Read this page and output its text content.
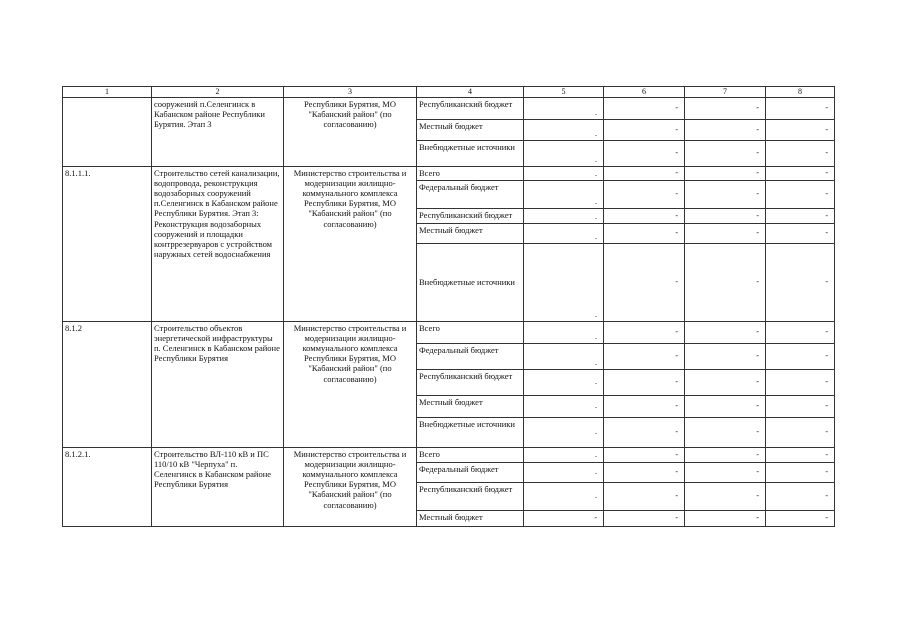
1	2	3	4	5	6	7	8
	сооружений п.Селенгинск в Кабанском районе Республики Бурятия. Этап 3	Республики Бурятия, МО "Кабанский район" (по согласованию)	Республиканский бюджет	.	-	-	-
			Местный бюджет	.	-	-	-
			Внебюджетные источники	.	-	-	-
8.1.1.1.	Строительство сетей канализации, водопровода, реконструкция водозаборных сооружений п.Селенгинск в Кабанском районе Республики Бурятия. Этап 3: Реконструкция водозаборных сооружений и площадки контррезервуаров с устройством наружных сетей водоснабжения	Министерство строительства и модернизации жилищно-коммунального комплекса Республики Бурятия, МО "Кабанский район" (по согласованию)	Всего	.	-	-	-
			Федеральный бюджет	.	-	-	-
			Республиканский бюджет	.	-	-	-
			Местный бюджет	.	-	-	-
			Внебюджетные источники	.	-	-	-
8.1.2	Строительство объектов энергетической инфраструктуры п. Селенгинск в Кабанском районе Республики Бурятия	Министерство строительства и модернизации жилищно-коммунального комплекса Республики Бурятия, МО "Кабанский район" (по согласованию)	Всего	.	-	-	-
			Федеральный бюджет	.	-	-	-
			Республиканский бюджет	.	-	-	-
			Местный бюджет	.	-	-	-
			Внебюджетные источники	.	-	-	-
8.1.2.1.	Строительство ВЛ-110 кВ и ПС 110/10 кВ "Черпуха" п. Селенгинск в Кабанском районе Республики Бурятия	Министерство строительства и модернизации жилищно-коммунального комплекса Республики Бурятия, МО "Кабанский район" (по согласованию)	Всего	.	-	-	-
			Федеральный бюджет	.	-	-	-
			Республиканский бюджет	.	-	-	-
			Местный бюджет	-	-	-	-
